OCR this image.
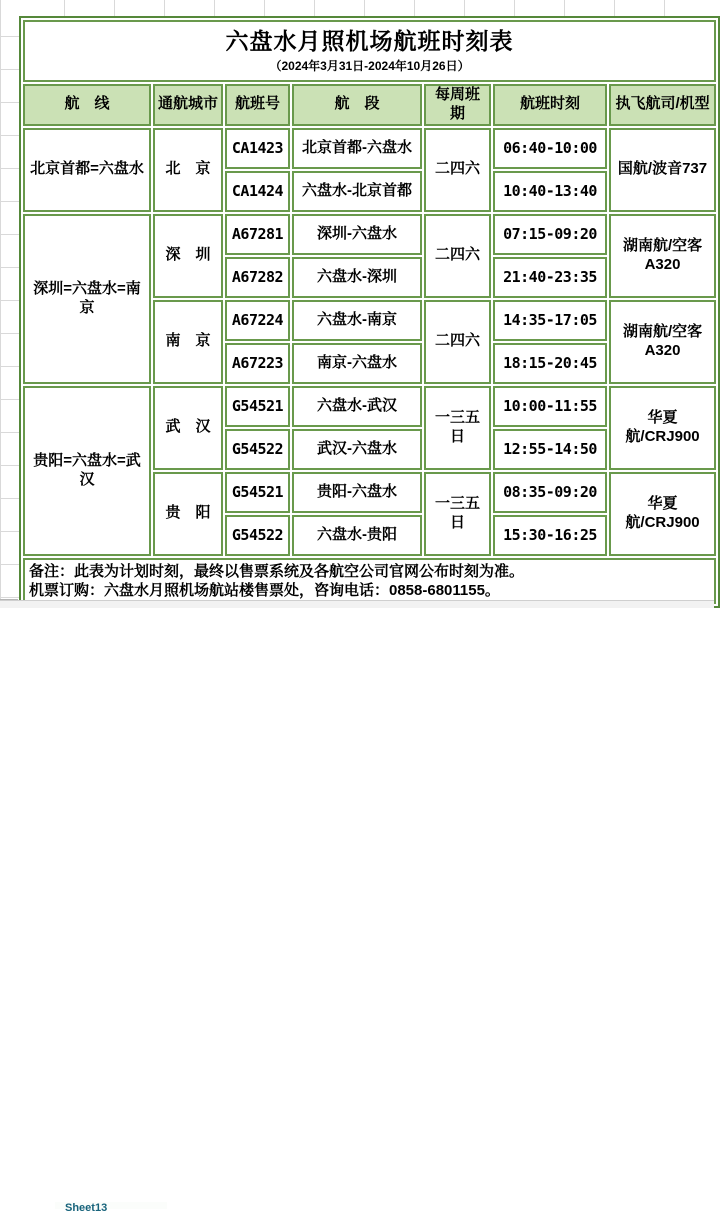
六盘水月照机场航班时刻表
（2024年3月31日-2024年10月26日）						

航　线	通航城市	航班号	航　段	每周班期	航班时刻	执飞航司/机型
北京首都=六盘水	北　京	CA1423	北京首都-六盘水	二四六	06:40-10:00	国航/波音737
		CA1424	六盘水-北京首都		10:40-13:40	
深圳=六盘水=南京	深　圳	A67281	深圳-六盘水	二四六	07:15-09:20	湖南航/空客A320
		A67282	六盘水-深圳		21:40-23:35	
	南　京	A67224	六盘水-南京	二四六	14:35-17:05	湖南航/空客A320
		A67223	南京-六盘水		18:15-20:45	
贵阳=六盘水=武汉	武　汉	G54521	六盘水-武汉	一三五日	10:00-11:55	华夏航/CRJ900
		G54522	武汉-六盘水		12:55-14:50	
	贵　阳	G54521	贵阳-六盘水	一三五日	08:35-09:20	华夏航/CRJ900
		G54522	六盘水-贵阳		15:30-16:25	

备注：此表为计划时刻，最终以售票系统及各航空公司官网公布时刻为准。
机票订购：六盘水月照机场航站楼售票处，咨询电话：0858-6801155。						
Sheet13
